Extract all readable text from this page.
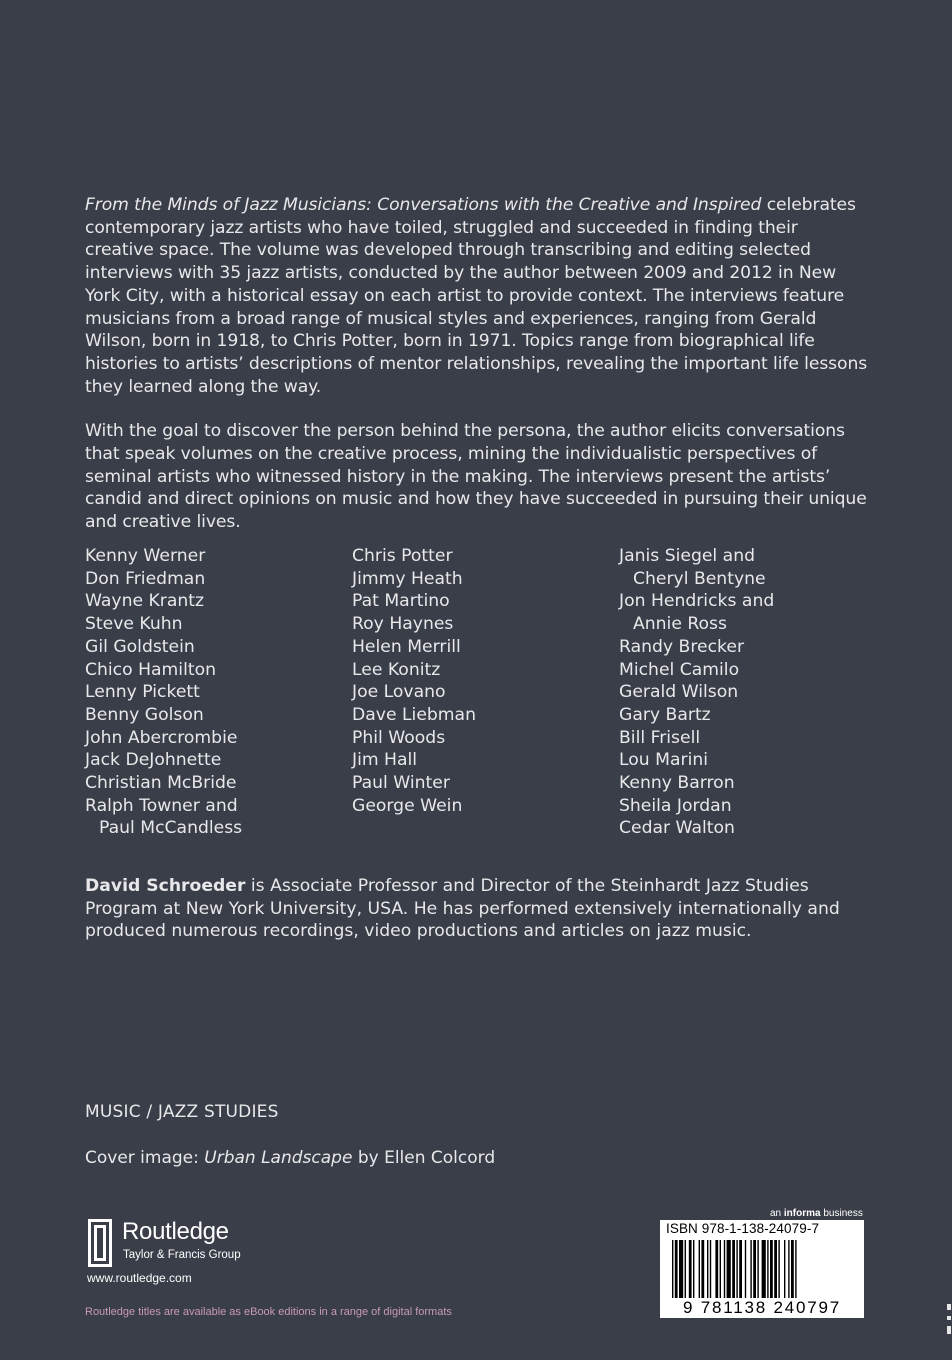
From the Minds of Jazz Musicians: Conversations with the Creative and Inspired celebrates contemporary jazz artists who have toiled, struggled and succeeded in finding their creative space. The volume was developed through transcribing and editing selected interviews with 35 jazz artists, conducted by the author between 2009 and 2012 in New York City, with a historical essay on each artist to provide context. The interviews feature musicians from a broad range of musical styles and experiences, ranging from Gerald Wilson, born in 1918, to Chris Potter, born in 1971. Topics range from biographical life histories to artists’ descriptions of mentor relationships, revealing the important life lessons they learned along the way.

With the goal to discover the person behind the persona, the author elicits conversations that speak volumes on the creative process, mining the individualistic perspectives of seminal artists who witnessed history in the making. The interviews present the artists’ candid and direct opinions on music and how they have succeeded in pursuing their unique and creative lives.

Kenny Werner
Don Friedman
Wayne Krantz
Steve Kuhn
Gil Goldstein
Chico Hamilton
Lenny Pickett
Benny Golson
John Abercrombie
Jack DeJohnette
Christian McBride
Ralph Towner and
Paul McCandless
Chris Potter
Jimmy Heath
Pat Martino
Roy Haynes
Helen Merrill
Lee Konitz
Joe Lovano
Dave Liebman
Phil Woods
Jim Hall
Paul Winter
George Wein
Janis Siegel and
Cheryl Bentyne
Jon Hendricks and
Annie Ross
Randy Brecker
Michel Camilo
Gerald Wilson
Gary Bartz
Bill Frisell
Lou Marini
Kenny Barron
Sheila Jordan
Cedar Walton
David Schroeder is Associate Professor and Director of the Steinhardt Jazz Studies Program at New York University, USA. He has performed extensively internationally and produced numerous recordings, video productions and articles on jazz music.
MUSIC / JAZZ STUDIES
Cover image: Urban Landscape by Ellen Colcord
Routledge
Taylor & Francis Group
www.routledge.com
Routledge titles are available as eBook editions in a range of digital formats
an informa business
ISBN 978-1-138-24079-7
9 781138 240797
